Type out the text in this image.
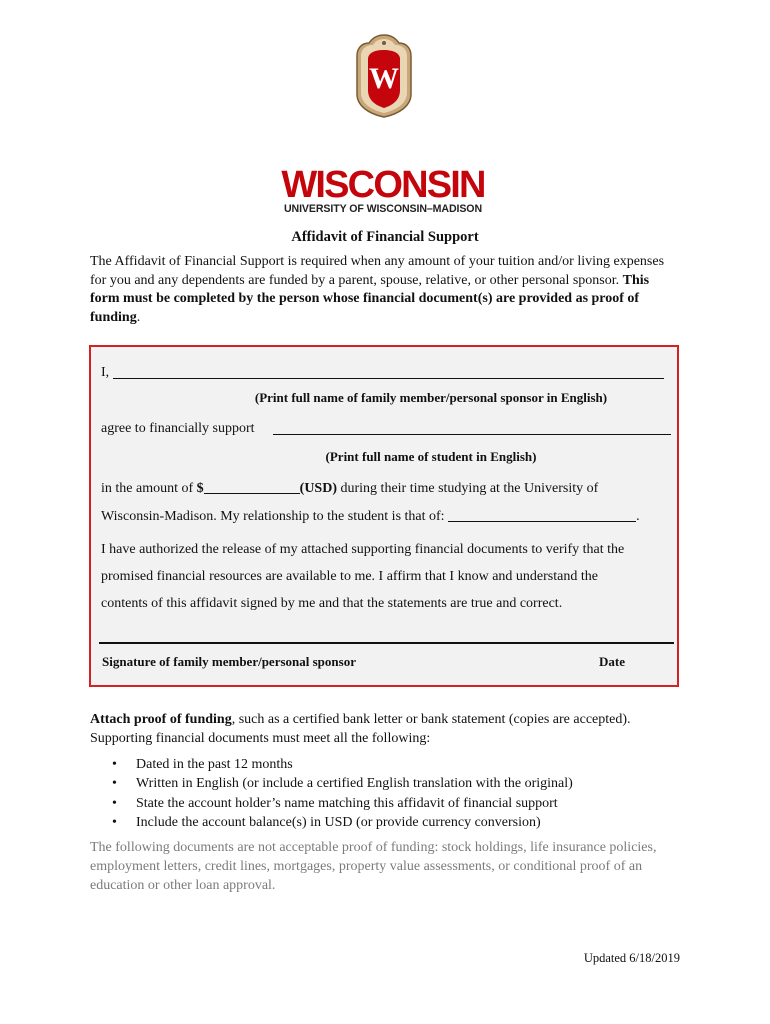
W
WISCONSIN
UNIVERSITY OF WISCONSIN–MADISON
Affidavit of Financial Support
The Affidavit of Financial Support is required when any amount of your tuition and/or living expenses for you and any dependents are funded by a parent, spouse, relative, or other personal sponsor. This form must be completed by the person whose financial document(s) are provided as proof of funding.
I,
(Print full name of family member/personal sponsor in English)
agree to financially support
(Print full name of student in English)
in the amount of $	(USD) during their time studying at the University of
Wisconsin-Madison. My relationship to the student is that of:	.
I have authorized the release of my attached supporting financial documents to verify that the
promised financial resources are available to me. I affirm that I know and understand the
contents of this affidavit signed by me and that the statements are true and correct.
Signature of family member/personal sponsor	Date
Attach proof of funding, such as a certified bank letter or bank statement (copies are accepted). Supporting financial documents must meet all the following:
• Dated in the past 12 months
• Written in English (or include a certified English translation with the original)
• State the account holder’s name matching this affidavit of financial support
• Include the account balance(s) in USD (or provide currency conversion)
The following documents are not acceptable proof of funding: stock holdings, life insurance policies, employment letters, credit lines, mortgages, property value assessments, or conditional proof of an education or other loan approval.
Updated 6/18/2019
